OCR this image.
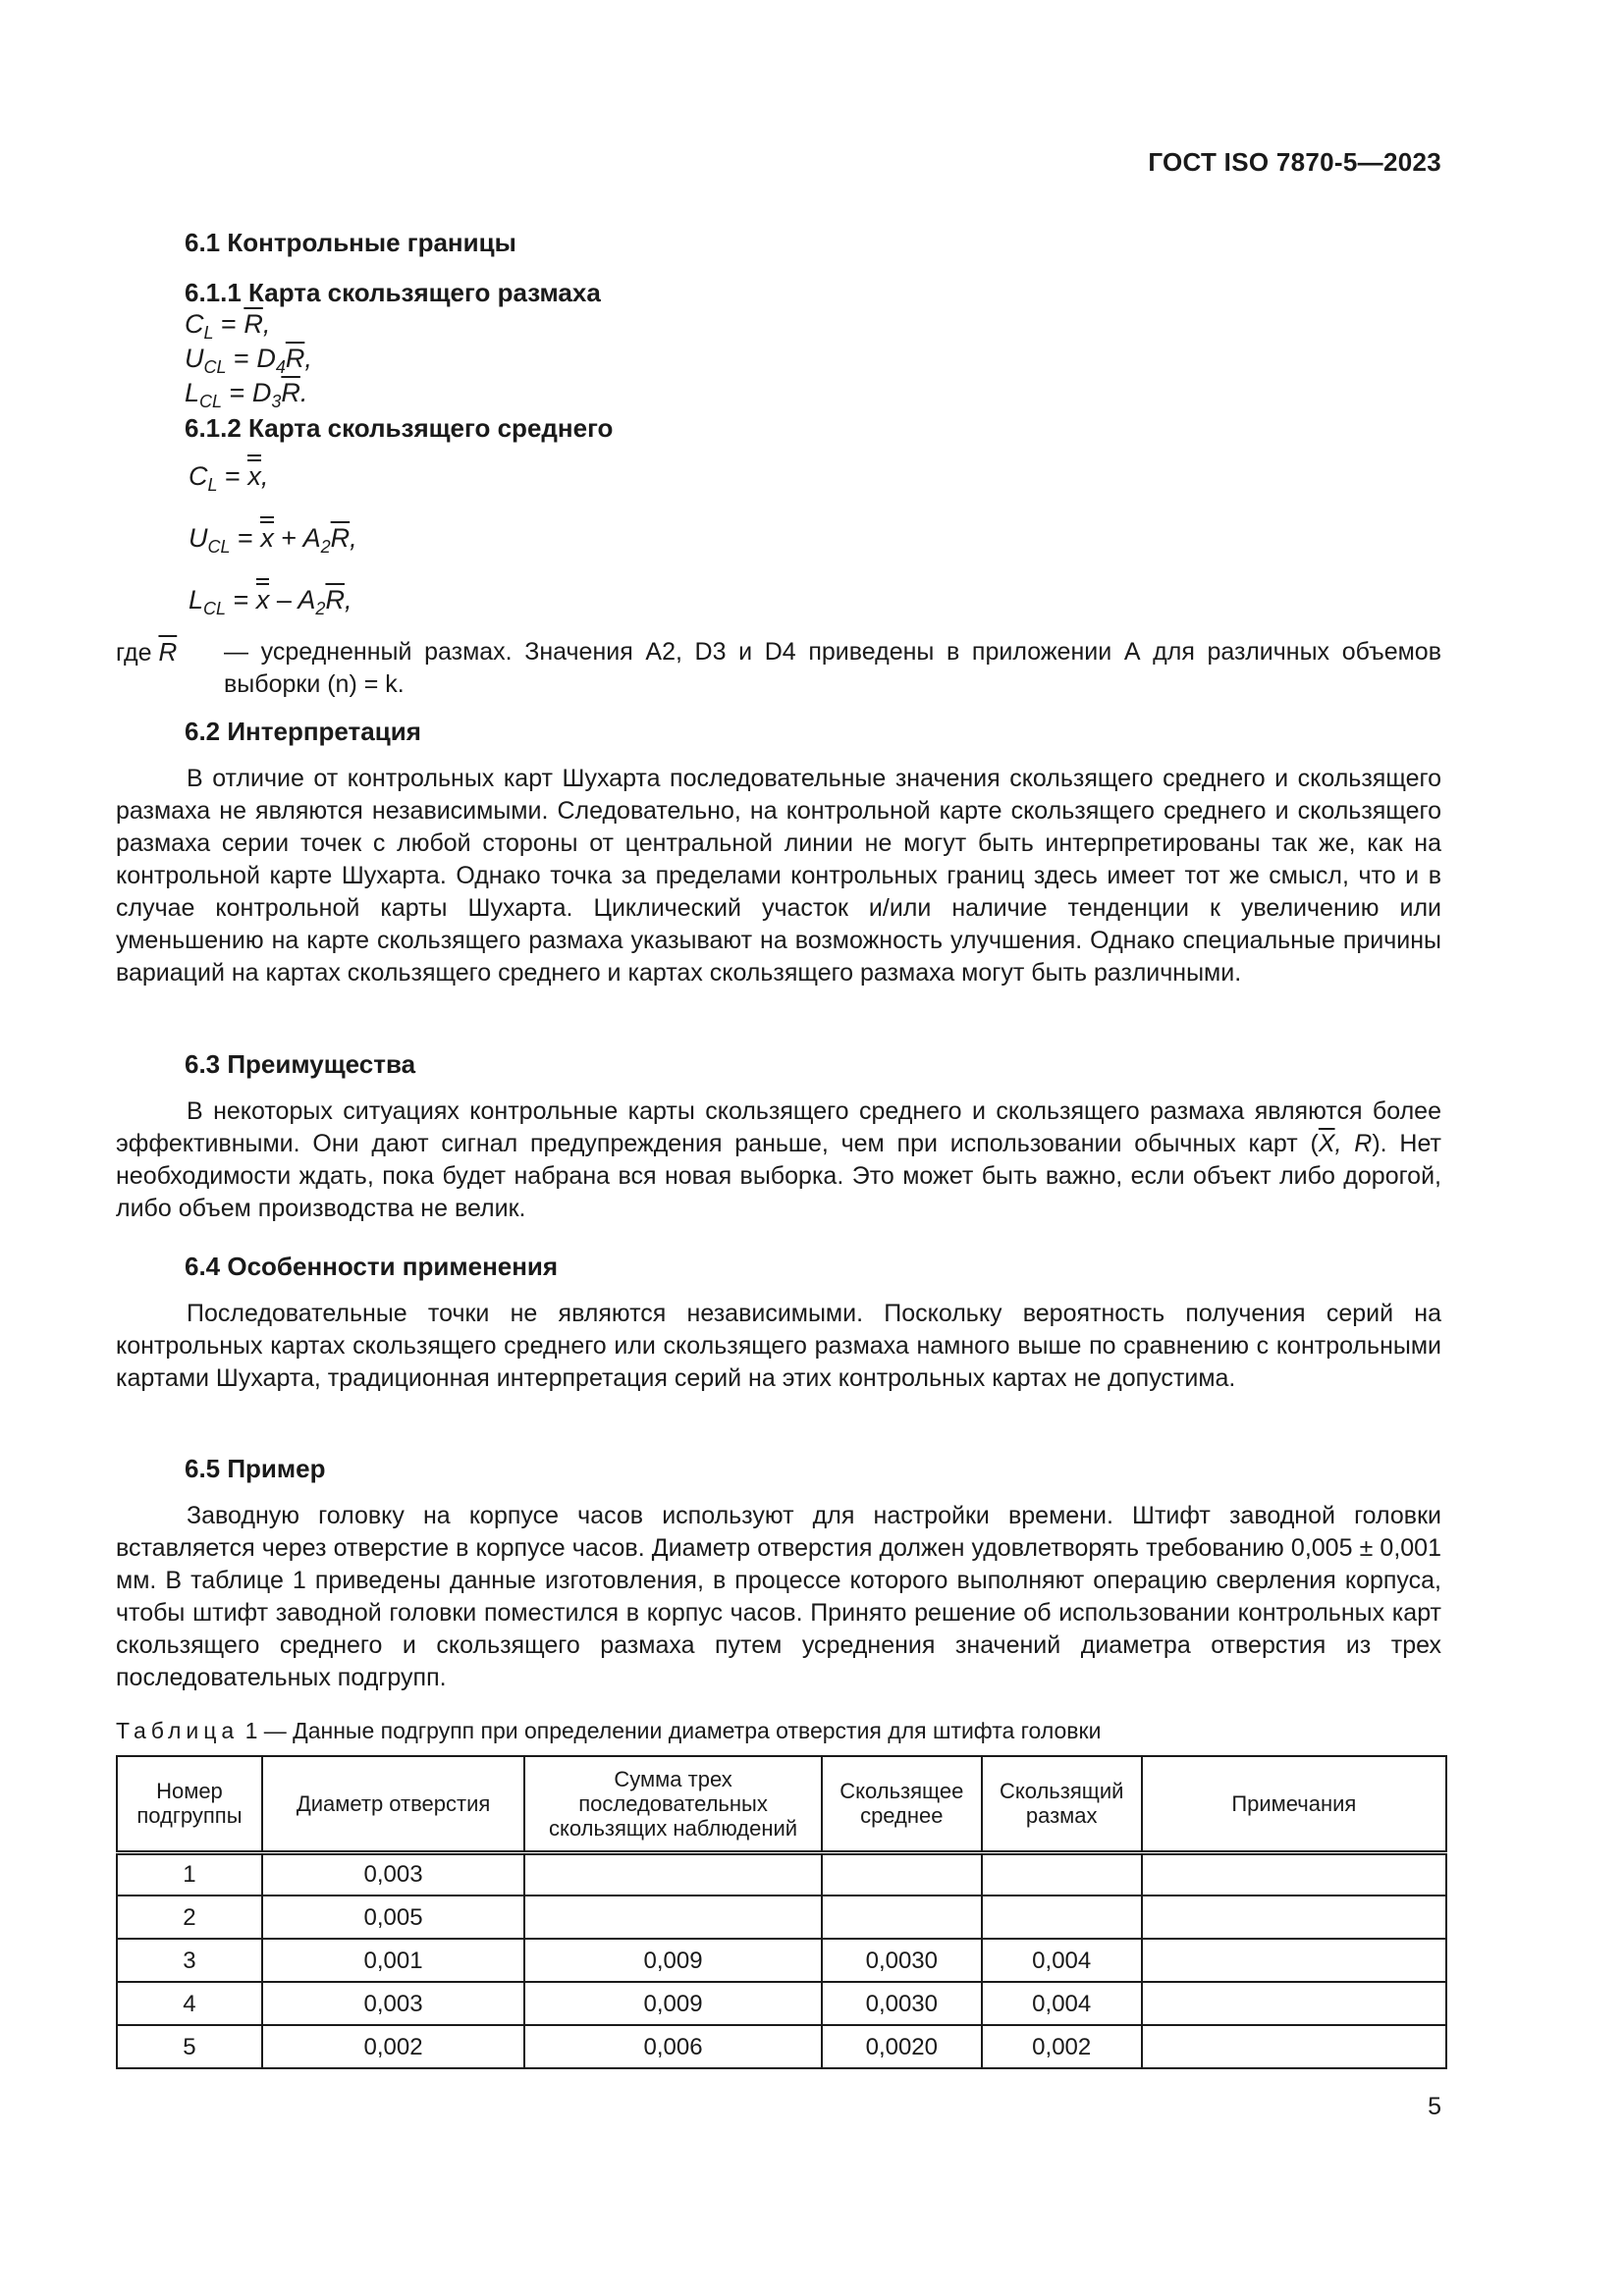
ГОСТ ISO 7870-5—2023
6.1 Контрольные границы
6.1.1 Карта скользящего размаха
$C_L = \overline{R}$,
$U_{CL} = D_4\overline{R}$,
$L_{CL} = D_3\overline{R}$.
6.1.2 Карта скользящего среднего
$C_L = x$,
$U_{CL} = x + A_2\overline{R}$,
$L_{CL} = x - A_2\overline{R}$,
где $\overline{R}$	— усредненный размах. Значения A2, D3 и D4 приведены в приложении А для различных объемов выборки (n) = k.
6.2 Интерпретация
В отличие от контрольных карт Шухарта последовательные значения скользящего среднего и скользящего размаха не являются независимыми. Следовательно, на контрольной карте скользящего среднего и скользящего размаха серии точек с любой стороны от центральной линии не могут быть интерпретированы так же, как на контрольной карте Шухарта. Однако точка за пределами контрольных границ здесь имеет тот же смысл, что и в случае контрольной карты Шухарта. Циклический участок и/или наличие тенденции к увеличению или уменьшению на карте скользящего размаха указывают на возможность улучшения. Однако специальные причины вариаций на картах скользящего среднего и картах скользящего размаха могут быть различными.
6.3 Преимущества
В некоторых ситуациях контрольные карты скользящего среднего и скользящего размаха являются более эффективными. Они дают сигнал предупреждения раньше, чем при использовании обычных карт ($\overline{X}$, R). Нет необходимости ждать, пока будет набрана вся новая выборка. Это может быть важно, если объект либо дорогой, либо объем производства не велик.
6.4 Особенности применения
Последовательные точки не являются независимыми. Поскольку вероятность получения серий на контрольных картах скользящего среднего или скользящего размаха намного выше по сравнению с контрольными картами Шухарта, традиционная интерпретация серий на этих контрольных картах не допустима.
6.5 Пример
Заводную головку на корпусе часов используют для настройки времени. Штифт заводной головки вставляется через отверстие в корпусе часов. Диаметр отверстия должен удовлетворять требованию 0,005 ± 0,001 мм. В таблице 1 приведены данные изготовления, в процессе которого выполняют операцию сверления корпуса, чтобы штифт заводной головки поместился в корпус часов. Принято решение об использовании контрольных карт скользящего среднего и скользящего размаха путем усреднения значений диаметра отверстия из трех последовательных подгрупп.
Таблица 1 — Данные подгрупп при определении диаметра отверстия для штифта головки
Номер подгруппы	Диаметр отверстия	Сумма трех последовательных скользящих наблюдений	Скользящее среднее	Скользящий размах	Примечания
1	0,003				
2	0,005				
3	0,001	0,009	0,0030	0,004	
4	0,003	0,009	0,0030	0,004	
5	0,002	0,006	0,0020	0,002	
5
